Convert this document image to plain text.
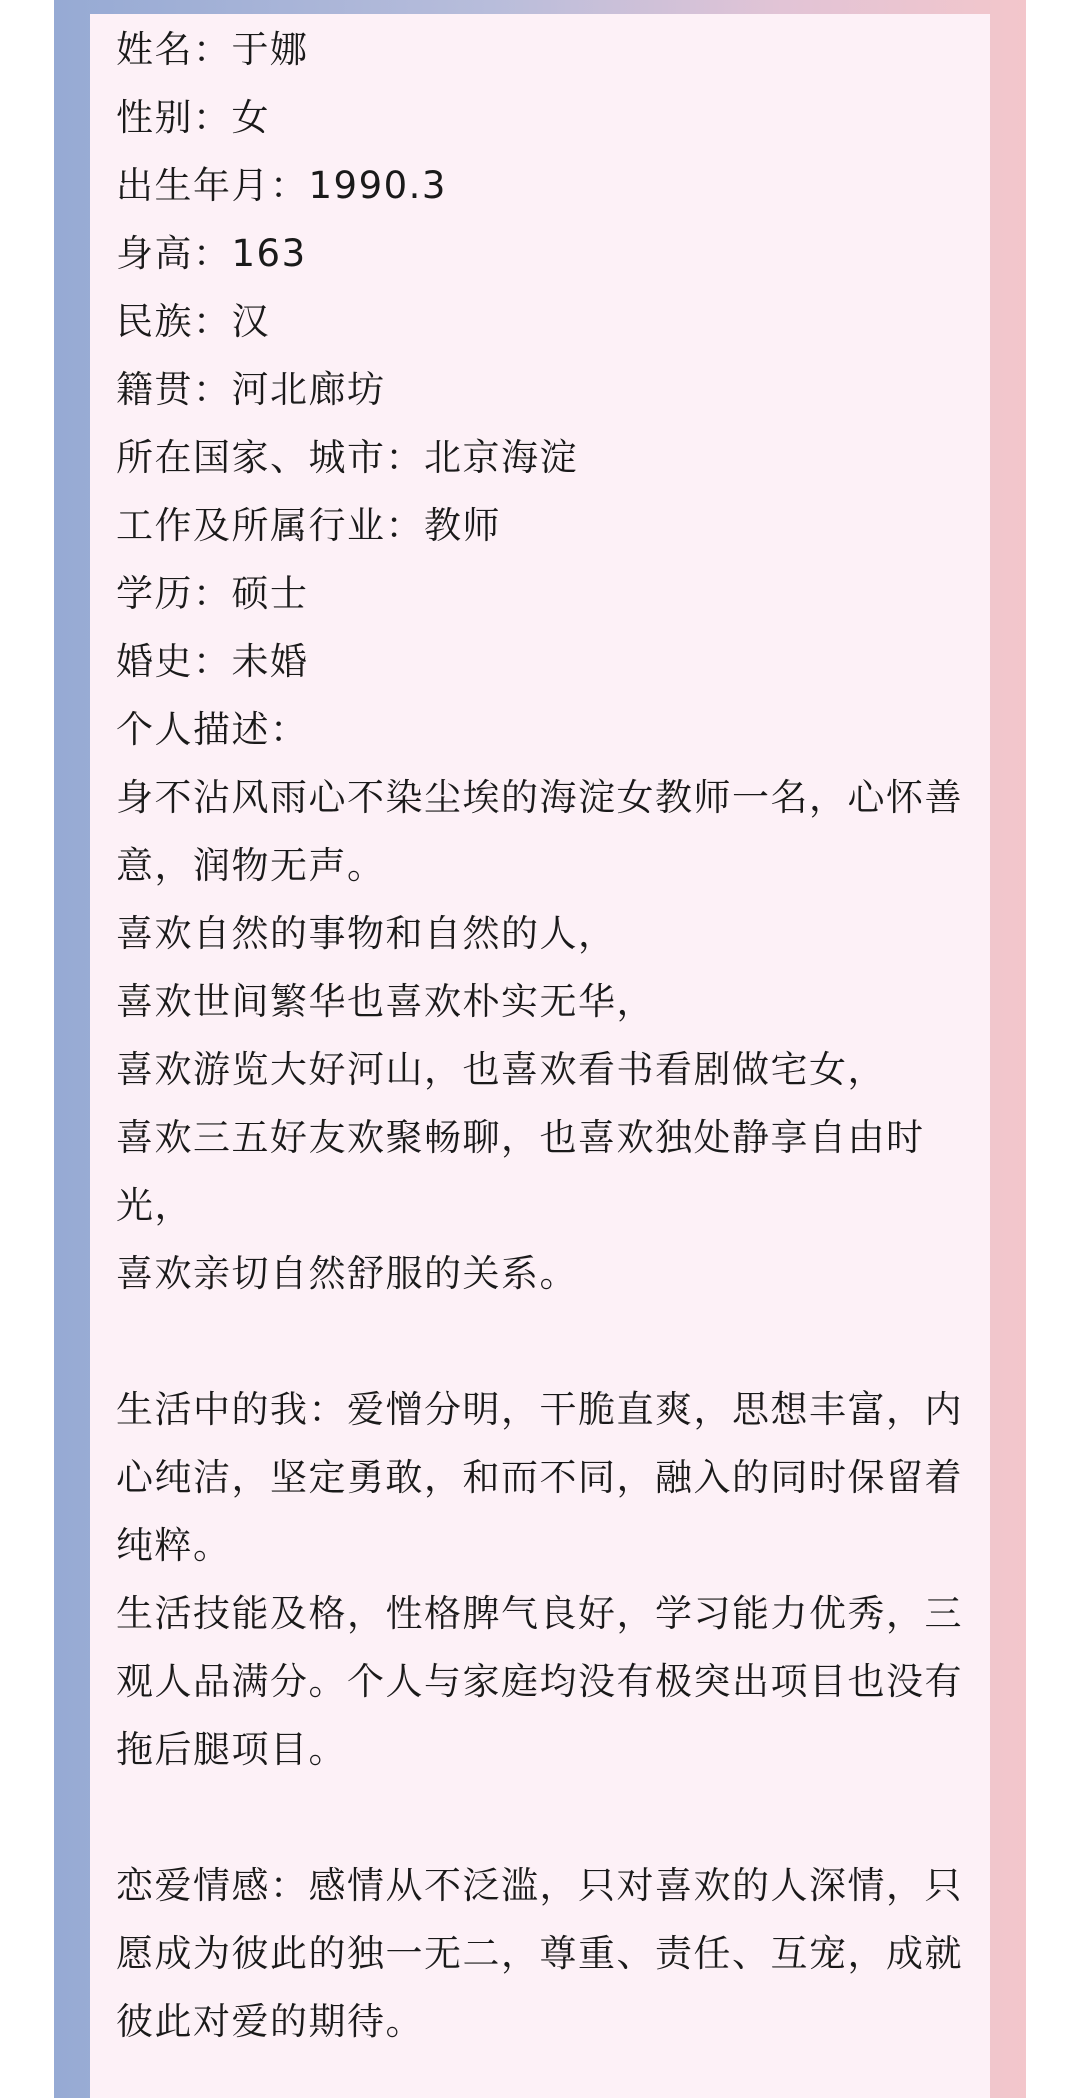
姓名：于娜
性别：女
出生年月：1990.3
身高：163
民族：汉
籍贯：河北廊坊
所在国家、城市：北京海淀
工作及所属行业：教师
学历：硕士
婚史：未婚
个人描述：
身不沾风雨心不染尘埃的海淀女教师一名，心怀善意，润物无声。
喜欢自然的事物和自然的人，
喜欢世间繁华也喜欢朴实无华，
喜欢游览大好河山，也喜欢看书看剧做宅女，
喜欢三五好友欢聚畅聊，也喜欢独处静享自由时光，
喜欢亲切自然舒服的关系。
生活中的我：爱憎分明，干脆直爽，思想丰富，内心纯洁，坚定勇敢，和而不同，融入的同时保留着纯粹。
生活技能及格，性格脾气良好，学习能力优秀，三观人品满分。个人与家庭均没有极突出项目也没有拖后腿项目。
恋爱情感：感情从不泛滥，只对喜欢的人深情，只愿成为彼此的独一无二，尊重、责任、互宠，成就彼此对爱的期待。
